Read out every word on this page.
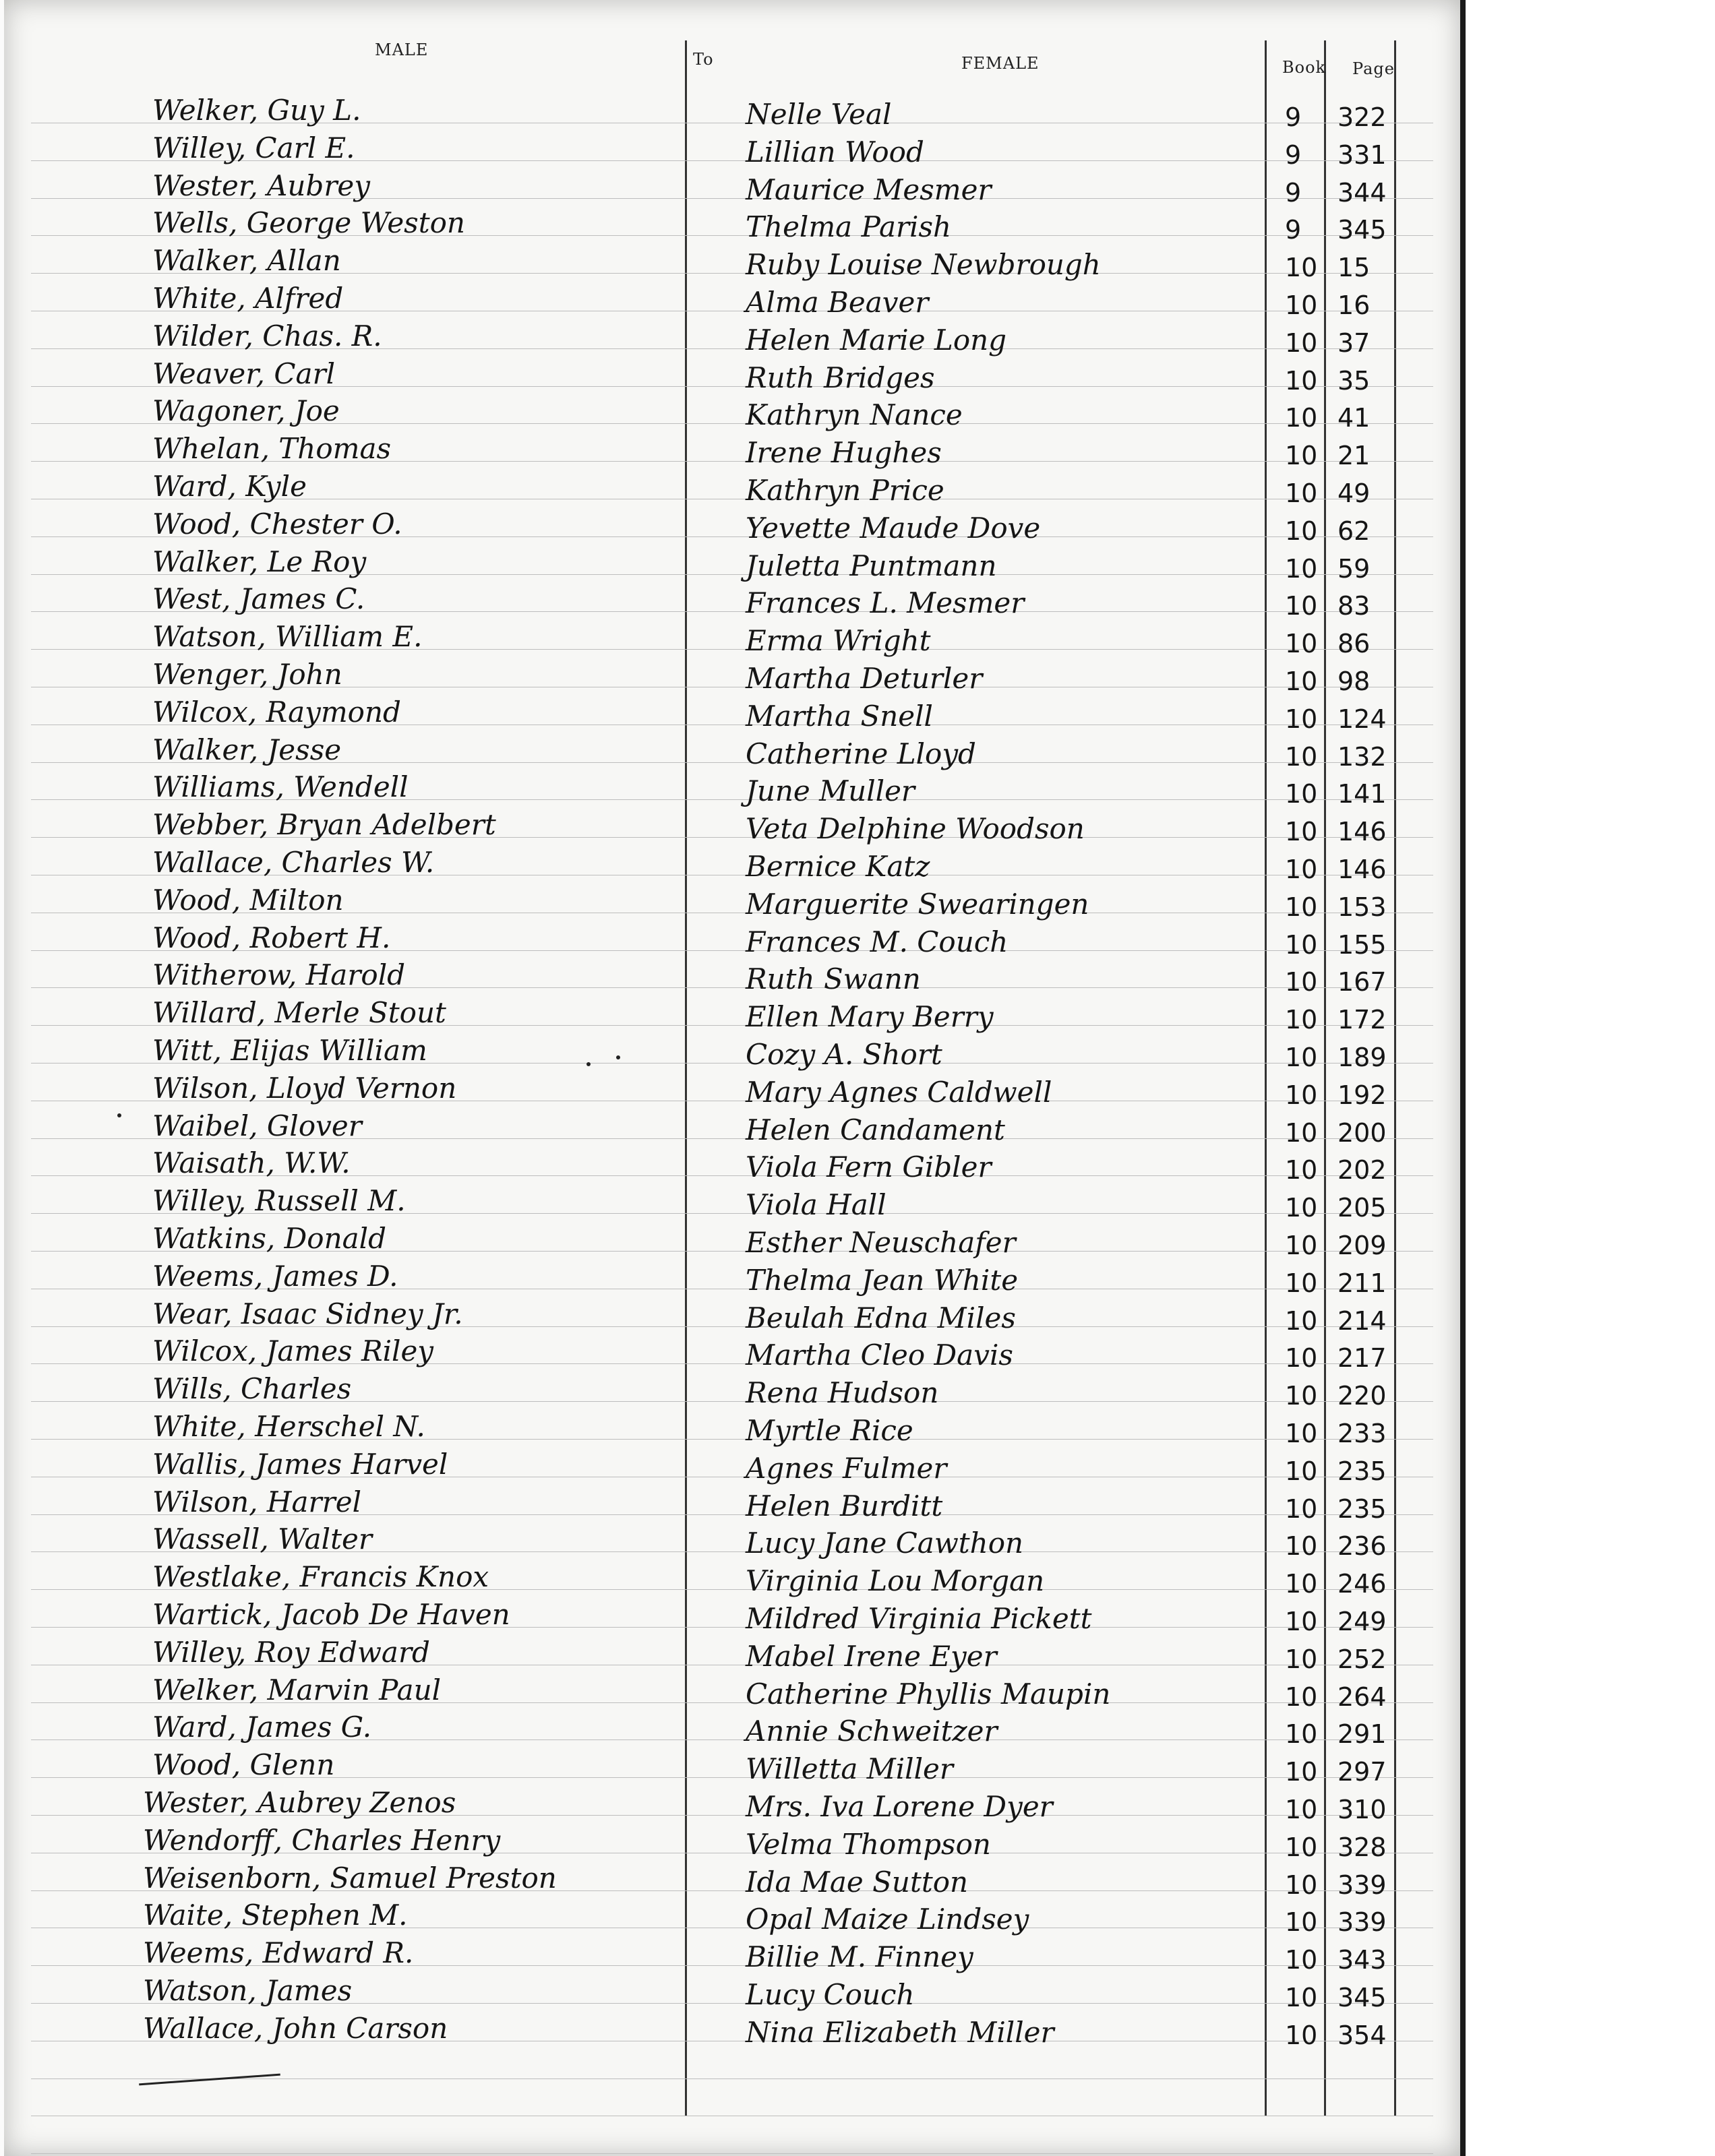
MALE	To	FEMALE	Book Page
Welker, Guy L.	Nelle Veal	9 322
Willey, Carl E.	Lillian Wood	9 331
Wester, Aubrey	Maurice Mesmer	9 344
Wells, George Weston	Thelma Parish	9 345
Walker, Allan	Ruby Louise Newbrough	10 15
White, Alfred	Alma Beaver	10 16
Wilder, Chas. R.	Helen Marie Long	10 37
Weaver, Carl	Ruth Bridges	10 35
Wagoner, Joe	Kathryn Nance	10 41
Whelan, Thomas	Irene Hughes	10 21
Ward, Kyle	Kathryn Price	10 49
Wood, Chester O.	Yevette Maude Dove	10 62
Walker, Le Roy	Juletta Puntmann	10 59
West, James C.	Frances L. Mesmer	10 83
Watson, William E.	Erma Wright	10 86
Wenger, John	Martha Deturler	10 98
Wilcox, Raymond	Martha Snell	10 124
Walker, Jesse	Catherine Lloyd	10 132
Williams, Wendell	June Muller	10 141
Webber, Bryan Adelbert	Veta Delphine Woodson	10 146
Wallace, Charles W.	Bernice Katz	10 146
Wood, Milton	Marguerite Swearingen	10 153
Wood, Robert H.	Frances M. Couch	10 155
Witherow, Harold	Ruth Swann	10 167
Willard, Merle Stout	Ellen Mary Berry	10 172
Witt, Elijas William	Cozy A. Short	10 189
Wilson, Lloyd Vernon	Mary Agnes Caldwell	10 192
Waibel, Glover	Helen Candament	10 200
Waisath, W.W.	Viola Fern Gibler	10 202
Willey, Russell M.	Viola Hall	10 205
Watkins, Donald	Esther Neuschafer	10 209
Weems, James D.	Thelma Jean White	10 211
Wear, Isaac Sidney Jr.	Beulah Edna Miles	10 214
Wilcox, James Riley	Martha Cleo Davis	10 217
Wills, Charles	Rena Hudson	10 220
White, Herschel N.	Myrtle Rice	10 233
Wallis, James Harvel	Agnes Fulmer	10 235
Wilson, Harrel	Helen Burditt	10 235
Wassell, Walter	Lucy Jane Cawthon	10 236
Westlake, Francis Knox	Virginia Lou Morgan	10 246
Wartick, Jacob De Haven	Mildred Virginia Pickett	10 249
Willey, Roy Edward	Mabel Irene Eyer	10 252
Welker, Marvin Paul	Catherine Phyllis Maupin	10 264
Ward, James G.	Annie Schweitzer	10 291
Wood, Glenn	Willetta Miller	10 297
Wester, Aubrey Zenos	Mrs. Iva Lorene Dyer	10 310
Wendorff, Charles Henry	Velma Thompson	10 328
Weisenborn, Samuel Preston	Ida Mae Sutton	10 339
Waite, Stephen M.	Opal Maize Lindsey	10 339
Weems, Edward R.	Billie M. Finney	10 343
Watson, James	Lucy Couch	10 345
Wallace, John Carson	Nina Elizabeth Miller	10 354
